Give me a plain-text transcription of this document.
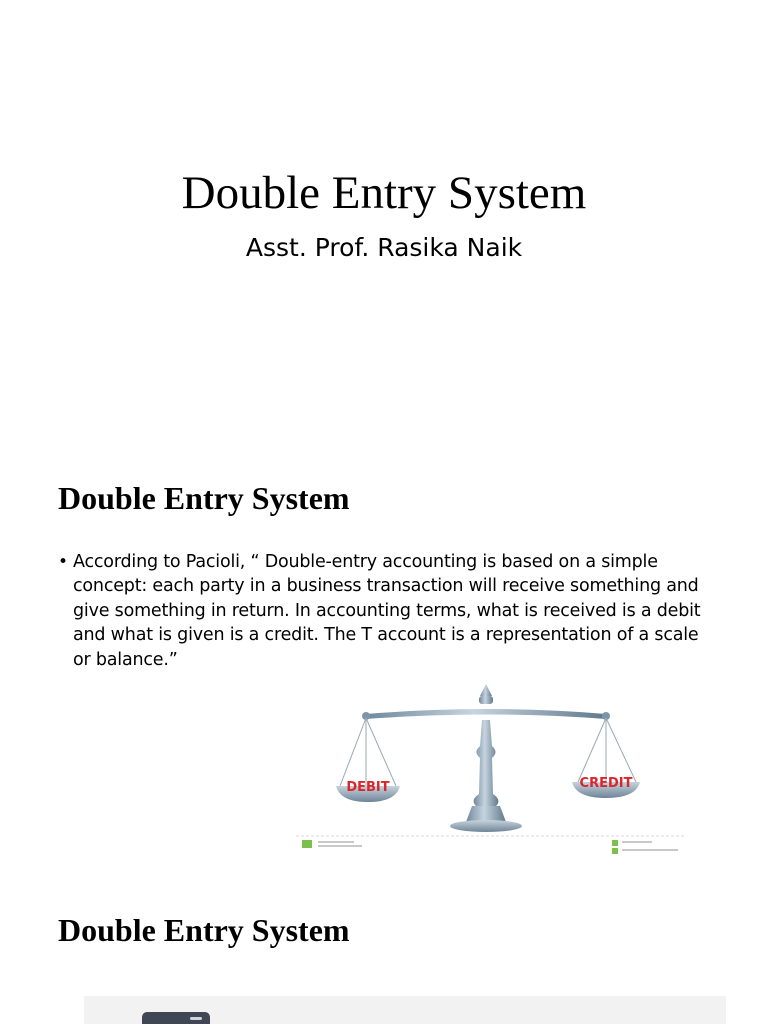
Double Entry System
Asst. Prof. Rasika Naik
Double Entry System
• According to Pacioli, “ Double-entry accounting is based on a simple concept: each party in a business transaction will receive something and give something in return. In accounting terms, what is received is a debit and what is given is a credit. The T account is a representation of a scale or balance.”

DEBIT	CREDIT
Double Entry System
